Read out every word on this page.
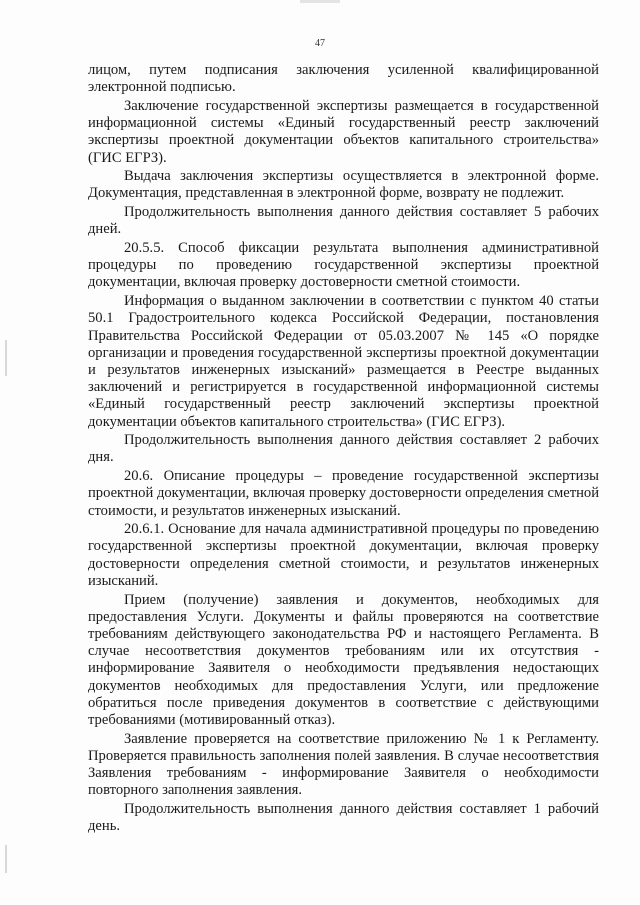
47

лицом, путем подписания заключения усиленной квалифицированной электронной подписью.

Заключение государственной экспертизы размещается в государственной информационной системы «Единый государственный реестр заключений экспертизы проектной документации объектов капитального строительства» (ГИС ЕГРЗ).

Выдача заключения экспертизы осуществляется в электронной форме. Документация, представленная в электронной форме, возврату не подлежит.

Продолжительность выполнения данного действия составляет 5 рабочих дней.

20.5.5. Способ фиксации результата выполнения административной процедуры по проведению государственной экспертизы проектной документации, включая проверку достоверности сметной стоимости.

Информация о выданном заключении в соответствии с пунктом 40 статьи 50.1 Градостроительного кодекса Российской Федерации, постановления Правительства Российской Федерации от 05.03.2007 № 145 «О порядке организации и проведения государственной экспертизы проектной документации и результатов инженерных изысканий» размещается в Реестре выданных заключений и регистрируется в государственной информационной системы «Единый государственный реестр заключений экспертизы проектной документации объектов капитального строительства» (ГИС ЕГРЗ).

Продолжительность выполнения данного действия составляет 2 рабочих дня.

20.6. Описание процедуры – проведение государственной экспертизы проектной документации, включая проверку достоверности определения сметной стоимости, и результатов инженерных изысканий.

20.6.1. Основание для начала административной процедуры по проведению государственной экспертизы проектной документации, включая проверку достоверности определения сметной стоимости, и результатов инженерных изысканий.

Прием (получение) заявления и документов, необходимых для предоставления Услуги. Документы и файлы проверяются на соответствие требованиям действующего законодательства РФ и настоящего Регламента. В случае несоответствия документов требованиям или их отсутствия - информирование Заявителя о необходимости предъявления недостающих документов необходимых для предоставления Услуги, или предложение обратиться после приведения документов в соответствие с действующими требованиями (мотивированный отказ).

Заявление проверяется на соответствие приложению № 1 к Регламенту. Проверяется правильность заполнения полей заявления. В случае несоответствия Заявления требованиям - информирование Заявителя о необходимости повторного заполнения заявления.

Продолжительность выполнения данного действия составляет 1 рабочий день.
